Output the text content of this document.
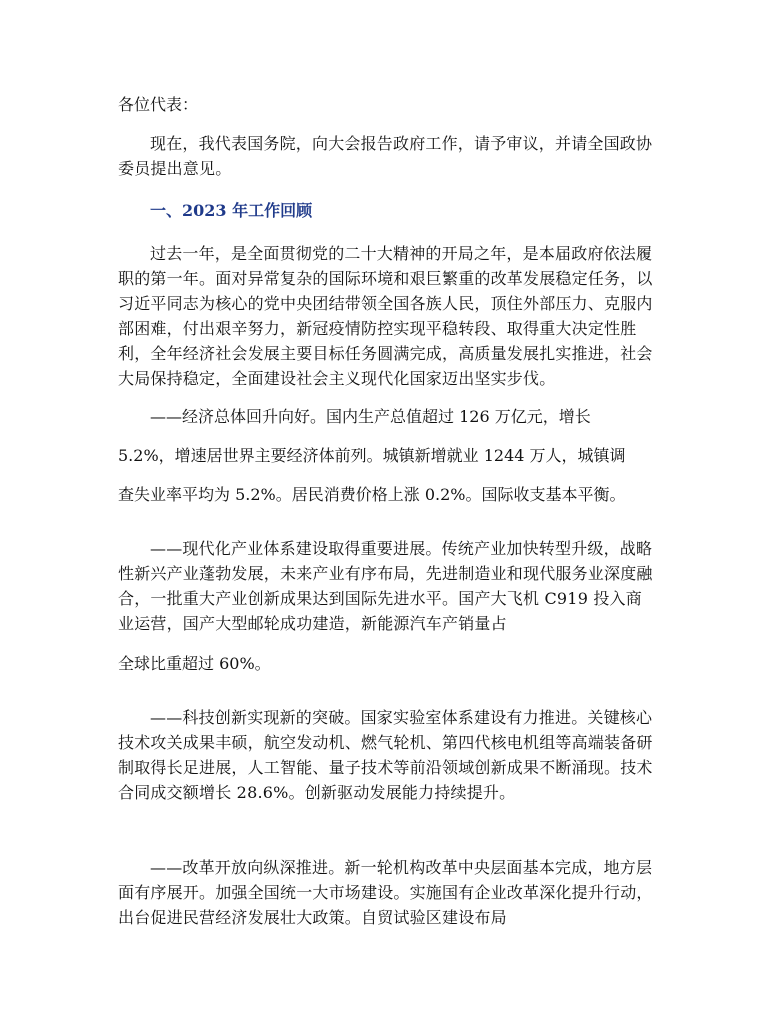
各位代表：

现在，我代表国务院，向大会报告政府工作，请予审议，并请全国政协委员提出意见。

一、2023 年工作回顾

过去一年，是全面贯彻党的二十大精神的开局之年，是本届政府依法履职的第一年。面对异常复杂的国际环境和艰巨繁重的改革发展稳定任务，以习近平同志为核心的党中央团结带领全国各族人民，顶住外部压力、克服内部困难，付出艰辛努力，新冠疫情防控实现平稳转段、取得重大决定性胜利，全年经济社会发展主要目标任务圆满完成，高质量发展扎实推进，社会大局保持稳定，全面建设社会主义现代化国家迈出坚实步伐。

——经济总体回升向好。国内生产总值超过 126 万亿元，增长

5.2%，增速居世界主要经济体前列。城镇新增就业 1244 万人，城镇调

查失业率平均为 5.2%。居民消费价格上涨 0.2%。国际收支基本平衡。

——现代化产业体系建设取得重要进展。传统产业加快转型升级，战略性新兴产业蓬勃发展，未来产业有序布局，先进制造业和现代服务业深度融合，一批重大产业创新成果达到国际先进水平。国产大飞机 C919 投入商业运营，国产大型邮轮成功建造，新能源汽车产销量占

全球比重超过 60%。

——科技创新实现新的突破。国家实验室体系建设有力推进。关键核心技术攻关成果丰硕，航空发动机、燃气轮机、第四代核电机组等高端装备研制取得长足进展，人工智能、量子技术等前沿领域创新成果不断涌现。技术合同成交额增长 28.6%。创新驱动发展能力持续提升。

——改革开放向纵深推进。新一轮机构改革中央层面基本完成，地方层面有序展开。加强全国统一大市场建设。实施国有企业改革深化提升行动，出台促进民营经济发展壮大政策。自贸试验区建设布局
